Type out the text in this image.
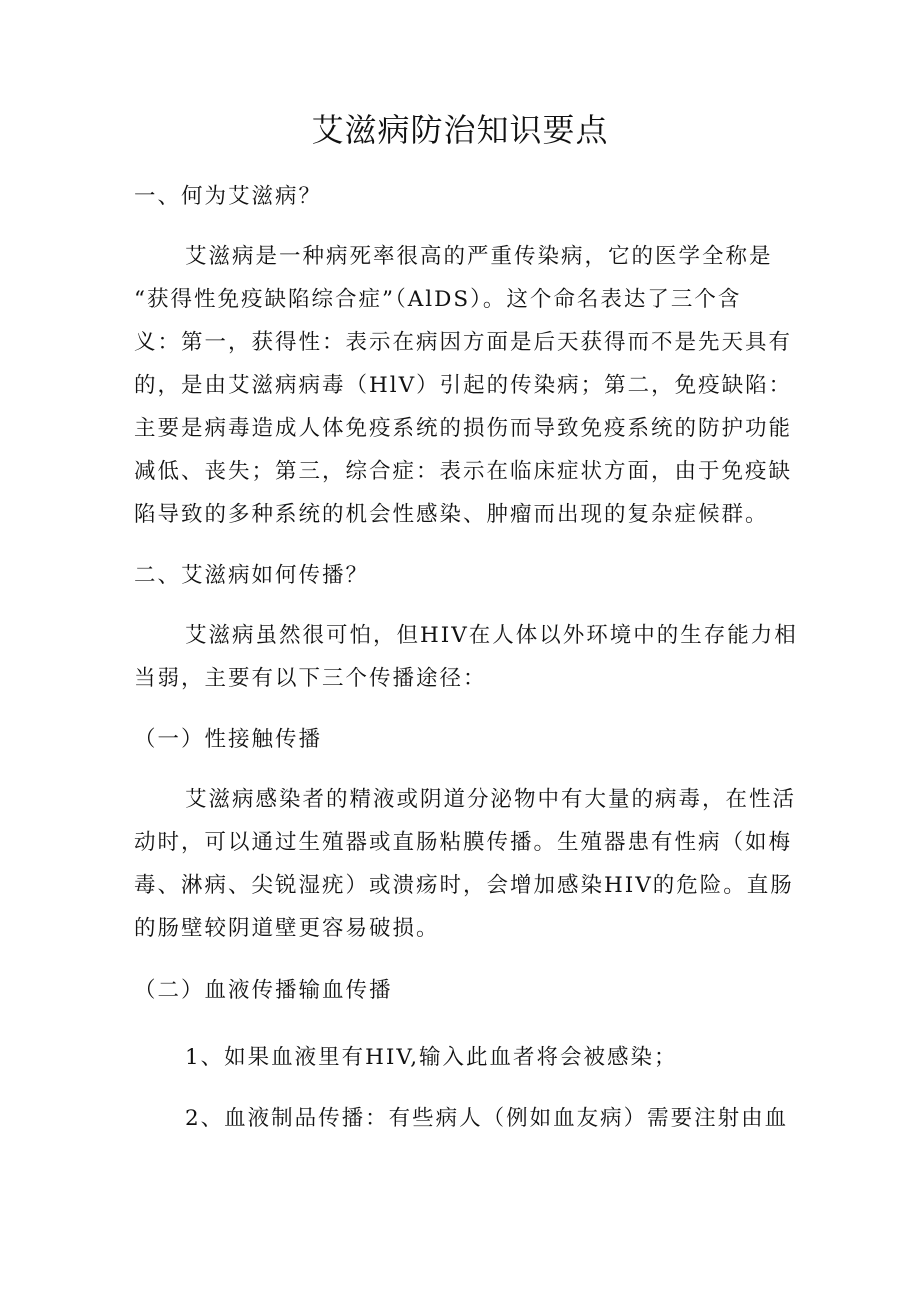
艾滋病防治知识要点
一、何为艾滋病？
艾滋病是一种病死率很高的严重传染病，它的医学全称是
“获得性免疫缺陷综合症”（AlDS）。这个命名表达了三个含
义：第一，获得性：表示在病因方面是后天获得而不是先天具有
的，是由艾滋病病毒（HlV）引起的传染病；第二，免疫缺陷：
主要是病毒造成人体免疫系统的损伤而导致免疫系统的防护功能
减低、丧失；第三，综合症：表示在临床症状方面，由于免疫缺
陷导致的多种系统的机会性感染、肿瘤而出现的复杂症候群。
二、艾滋病如何传播？
艾滋病虽然很可怕，但HIV在人体以外环境中的生存能力相
当弱，主要有以下三个传播途径：
（一）性接触传播
艾滋病感染者的精液或阴道分泌物中有大量的病毒，在性活
动时，可以通过生殖器或直肠粘膜传播。生殖器患有性病（如梅
毒、淋病、尖锐湿疣）或溃疡时，会增加感染HIV的危险。直肠
的肠壁较阴道壁更容易破损。
（二）血液传播输血传播
1、如果血液里有HIV,输入此血者将会被感染；
2、血液制品传播：有些病人（例如血友病）需要注射由血
